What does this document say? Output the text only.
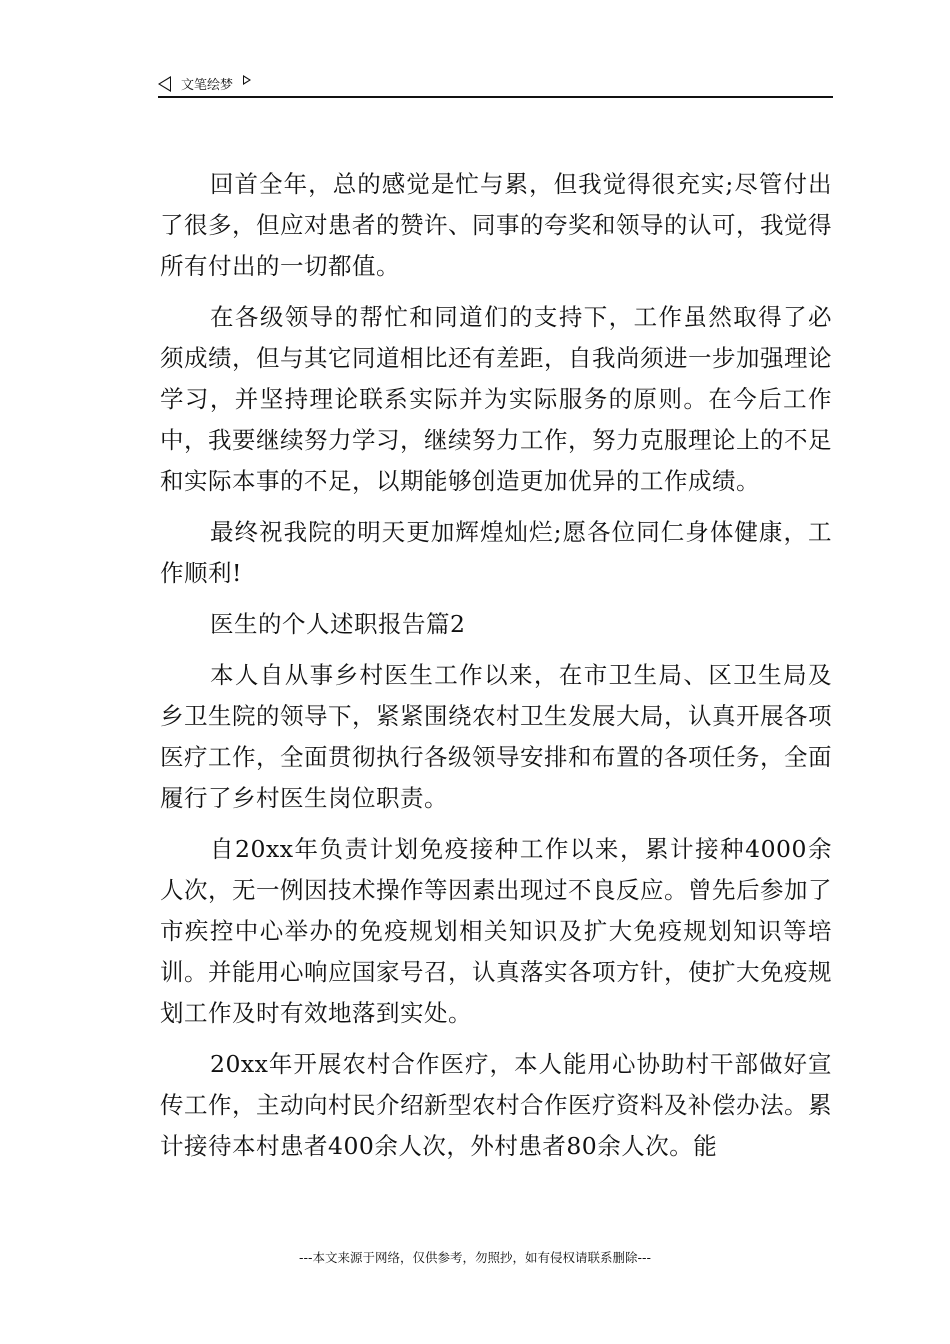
文笔绘梦

回首全年，总的感觉是忙与累，但我觉得很充实;尽管付出了很多，但应对患者的赞许、同事的夸奖和领导的认可，我觉得所有付出的一切都值。

在各级领导的帮忙和同道们的支持下，工作虽然取得了必须成绩，但与其它同道相比还有差距，自我尚须进一步加强理论学习，并坚持理论联系实际并为实际服务的原则。在今后工作中，我要继续努力学习，继续努力工作，努力克服理论上的不足和实际本事的不足，以期能够创造更加优异的工作成绩。

最终祝我院的明天更加辉煌灿烂;愿各位同仁身体健康，工作顺利!

医生的个人述职报告篇2

本人自从事乡村医生工作以来，在市卫生局、区卫生局及乡卫生院的领导下，紧紧围绕农村卫生发展大局，认真开展各项医疗工作，全面贯彻执行各级领导安排和布置的各项任务，全面履行了乡村医生岗位职责。

自20xx年负责计划免疫接种工作以来，累计接种4000余人次，无一例因技术操作等因素出现过不良反应。曾先后参加了市疾控中心举办的免疫规划相关知识及扩大免疫规划知识等培训。并能用心响应国家号召，认真落实各项方针，使扩大免疫规划工作及时有效地落到实处。

20xx年开展农村合作医疗，本人能用心协助村干部做好宣传工作，主动向村民介绍新型农村合作医疗资料及补偿办法。累计接待本村患者400余人次，外村患者80余人次。能

---本文来源于网络，仅供参考，勿照抄，如有侵权请联系删除---
